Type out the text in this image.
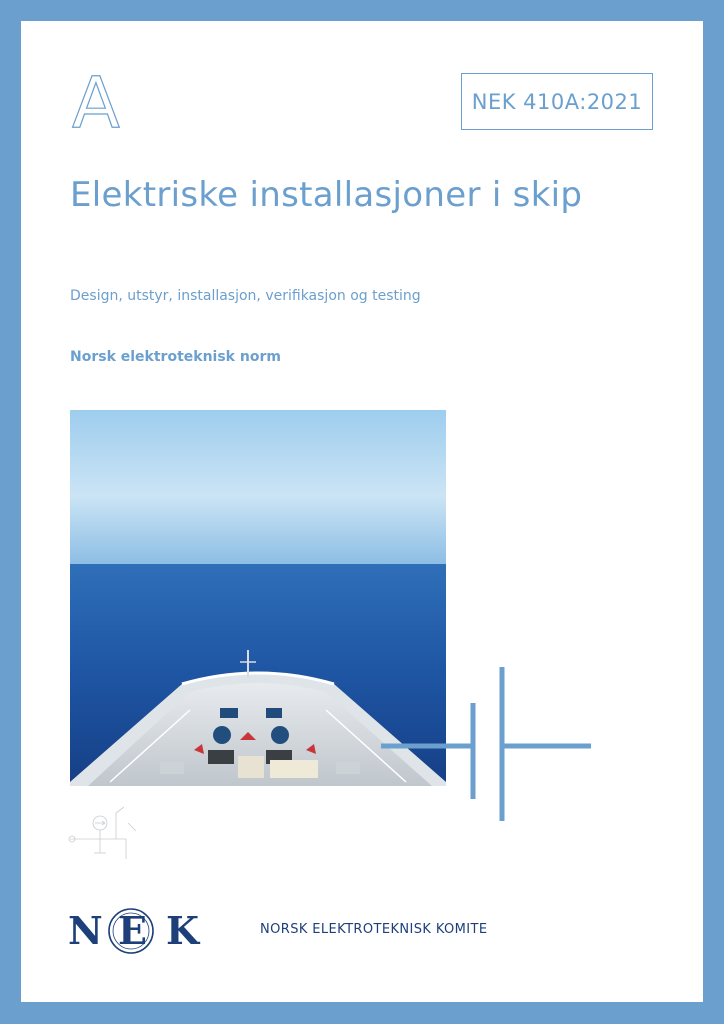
A	NEK 410A:2021
Elektriske installasjoner i skip
Design, utstyr, installasjon, verifikasjon og testing
Norsk elektroteknisk norm
N E K	NORSK ELEKTROTEKNISK KOMITE
